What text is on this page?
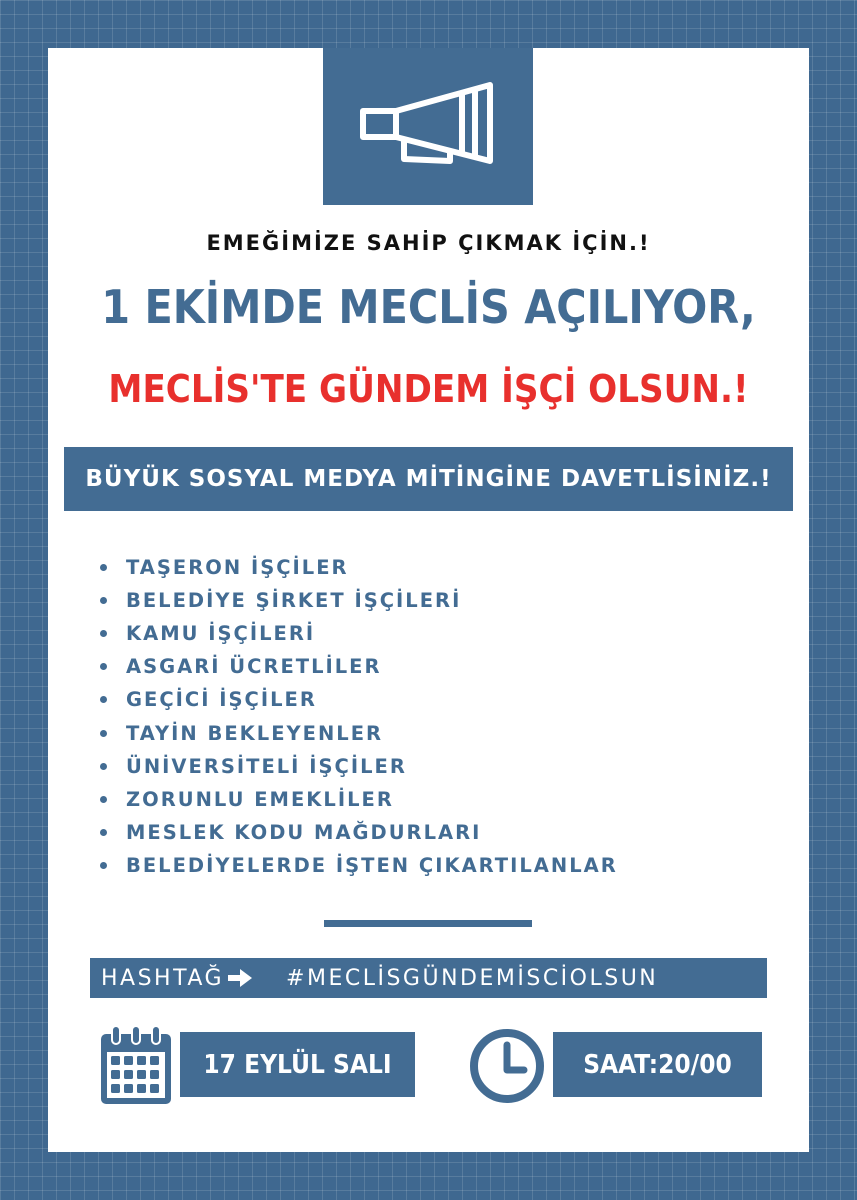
EMEĞİMİZE SAHİP ÇIKMAK İÇİN.!
1 EKİMDE MECLİS AÇILIYOR,
MECLİS'TE GÜNDEM İŞÇİ OLSUN.!
BÜYÜK SOSYAL MEDYA MİTİNGİNE DAVETLİSİNİZ.!
TAŞERON İŞÇİLER
BELEDİYE ŞİRKET İŞÇİLERİ
KAMU İŞÇİLERİ
ASGARİ ÜCRETLİLER
GEÇİCİ İŞÇİLER
TAYİN BEKLEYENLER
ÜNİVERSİTELİ İŞÇİLER
ZORUNLU EMEKLİLER
MESLEK KODU MAĞDURLARI
BELEDİYELERDE İŞTEN ÇIKARTILANLAR
HASHTAĞ	#MECLİSGÜNDEMİSCİOLSUN
17 EYLÜL SALI	SAAT:20/00
